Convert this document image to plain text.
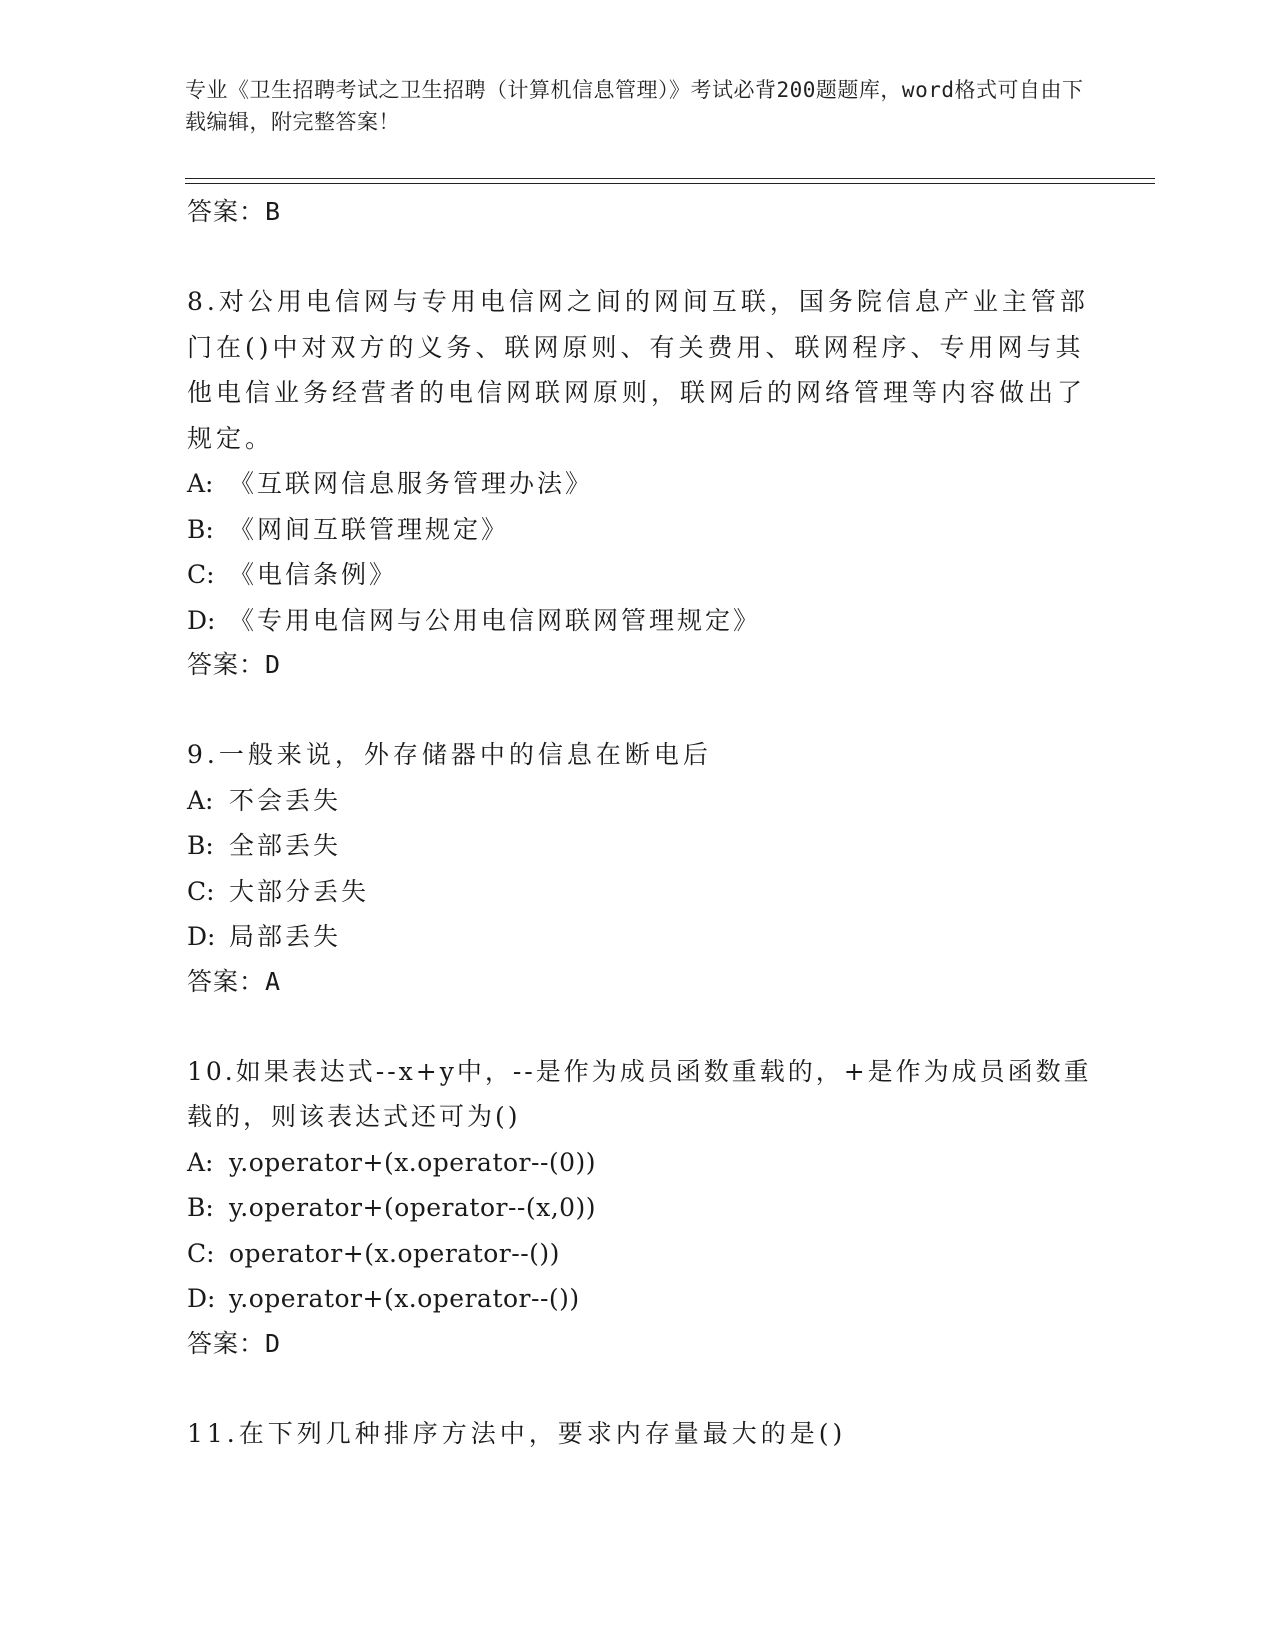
专业《卫生招聘考试之卫生招聘（计算机信息管理）》考试必背200题题库，word格式可自由下载编辑，附完整答案！
答案：B
8.对公用电信网与专用电信网之间的网间互联，国务院信息产业主管部门在()中对双方的义务、联网原则、有关费用、联网程序、专用网与其他电信业务经营者的电信网联网原则，联网后的网络管理等内容做出了规定。
A: 《互联网信息服务管理办法》
B: 《网间互联管理规定》
C: 《电信条例》
D: 《专用电信网与公用电信网联网管理规定》
答案：D
9.一般来说，外存储器中的信息在断电后
A: 不会丢失
B: 全部丢失
C: 大部分丢失
D: 局部丢失
答案：A
10.如果表达式--x+y中，--是作为成员函数重载的，+是作为成员函数重载的，则该表达式还可为()
A: y.operator+(x.operator--(0))
B: y.operator+(operator--(x,0))
C: operator+(x.operator--())
D: y.operator+(x.operator--())
答案：D
11.在下列几种排序方法中，要求内存量最大的是()
